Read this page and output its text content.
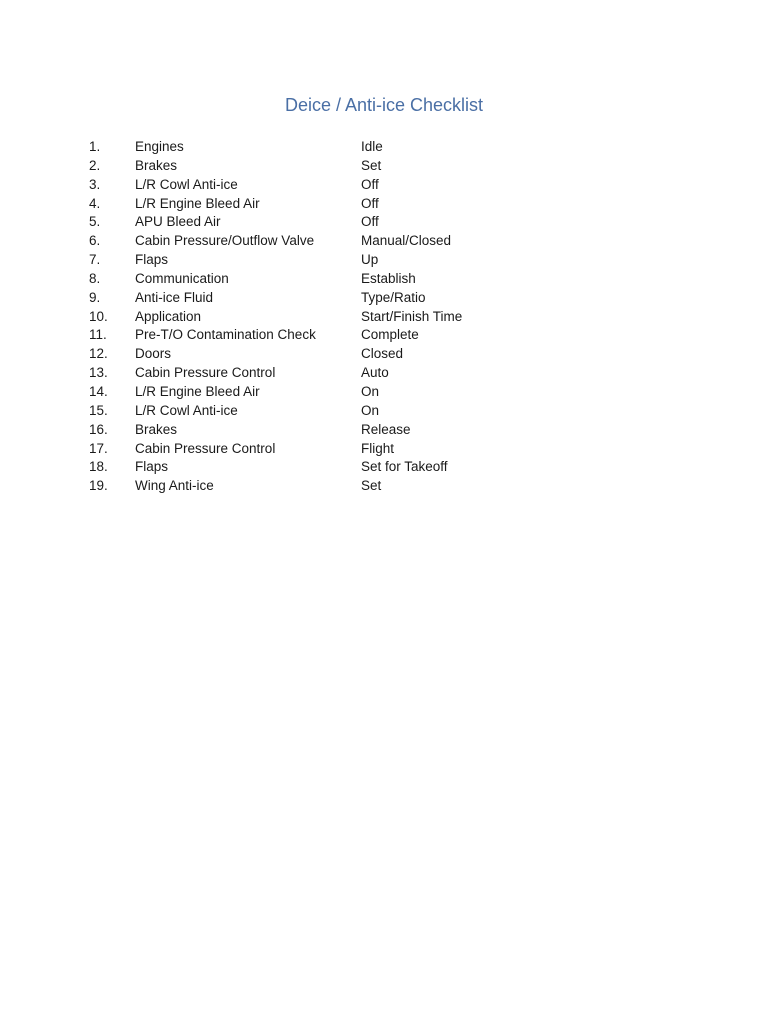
Deice / Anti-ice Checklist
1.	Engines	Idle
2.	Brakes	Set
3.	L/R Cowl Anti-ice	Off
4.	L/R Engine Bleed Air	Off
5.	APU Bleed Air	Off
6.	Cabin Pressure/Outflow Valve	Manual/Closed
7.	Flaps	Up
8.	Communication	Establish
9.	Anti-ice Fluid	Type/Ratio
10.	Application	Start/Finish Time
11.	Pre-T/O Contamination Check	Complete
12.	Doors	Closed
13.	Cabin Pressure Control	Auto
14.	L/R Engine Bleed Air	On
15.	L/R Cowl Anti-ice	On
16.	Brakes	Release
17.	Cabin Pressure Control	Flight
18.	Flaps	Set for Takeoff
19.	Wing Anti-ice	Set
